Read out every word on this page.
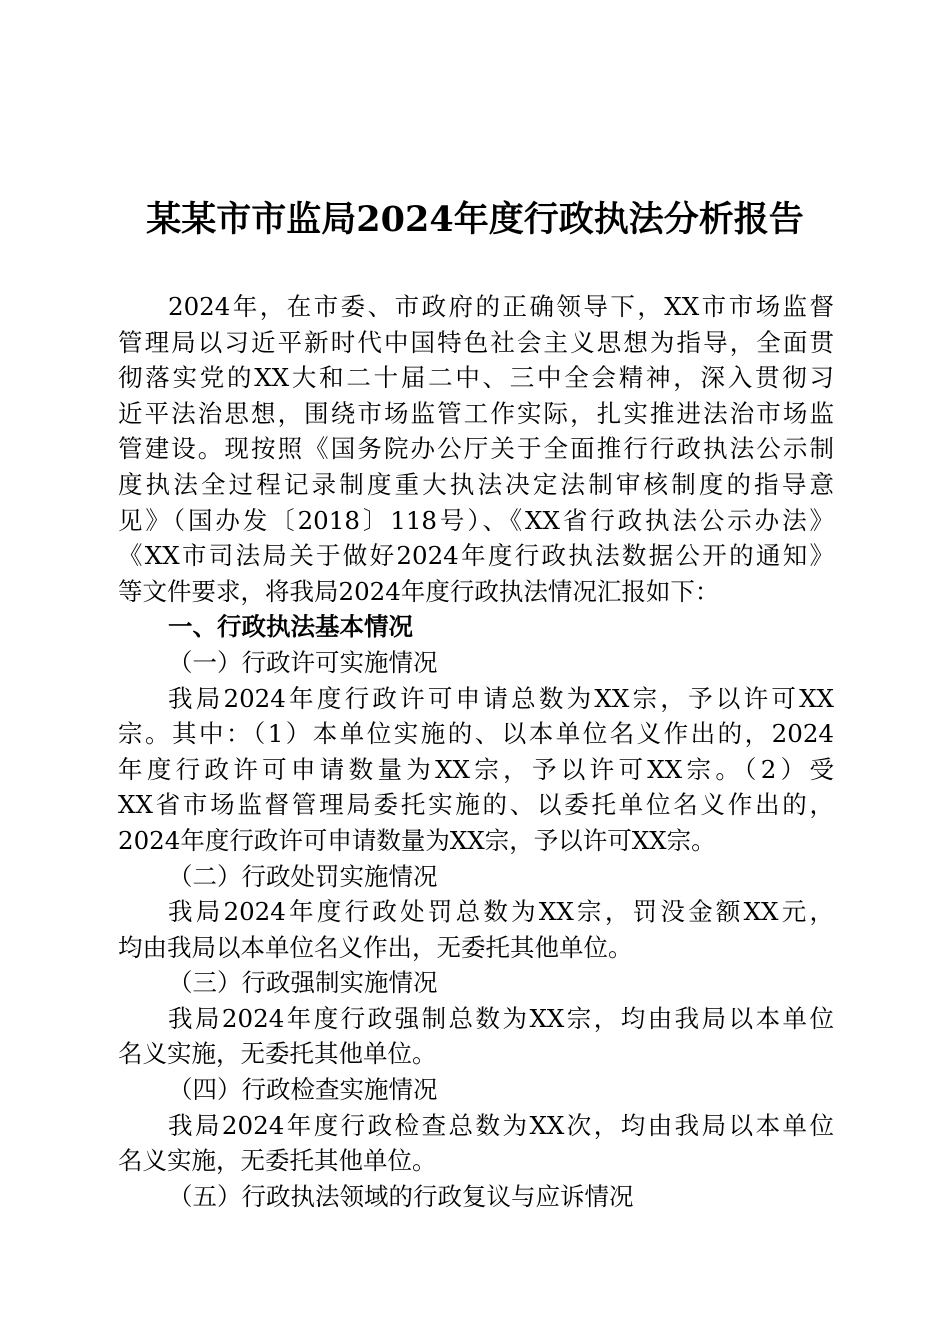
某某市市监局2024年度行政执法分析报告
2024年，在市委、市政府的正确领导下，XX市市场监督
管理局以习近平新时代中国特色社会主义思想为指导，全面贯
彻落实党的XX大和二十届二中、三中全会精神，深入贯彻习
近平法治思想，围绕市场监管工作实际，扎实推进法治市场监
管建设。现按照《国务院办公厅关于全面推行行政执法公示制
度执法全过程记录制度重大执法决定法制审核制度的指导意
见》（国办发〔2018〕118号）、《XX省行政执法公示办法》
《XX市司法局关于做好2024年度行政执法数据公开的通知》
等文件要求，将我局2024年度行政执法情况汇报如下：
一、行政执法基本情况
（一）行政许可实施情况
我局2024年度行政许可申请总数为XX宗，予以许可XX
宗。其中：（1）本单位实施的、以本单位名义作出的，2024
年度行政许可申请数量为XX宗，予以许可XX宗。（2）受
XX省市场监督管理局委托实施的、以委托单位名义作出的，
2024年度行政许可申请数量为XX宗，予以许可XX宗。
（二）行政处罚实施情况
我局2024年度行政处罚总数为XX宗，罚没金额XX元，
均由我局以本单位名义作出，无委托其他单位。
（三）行政强制实施情况
我局2024年度行政强制总数为XX宗，均由我局以本单位
名义实施，无委托其他单位。
（四）行政检查实施情况
我局2024年度行政检查总数为XX次，均由我局以本单位
名义实施，无委托其他单位。
（五）行政执法领域的行政复议与应诉情况
